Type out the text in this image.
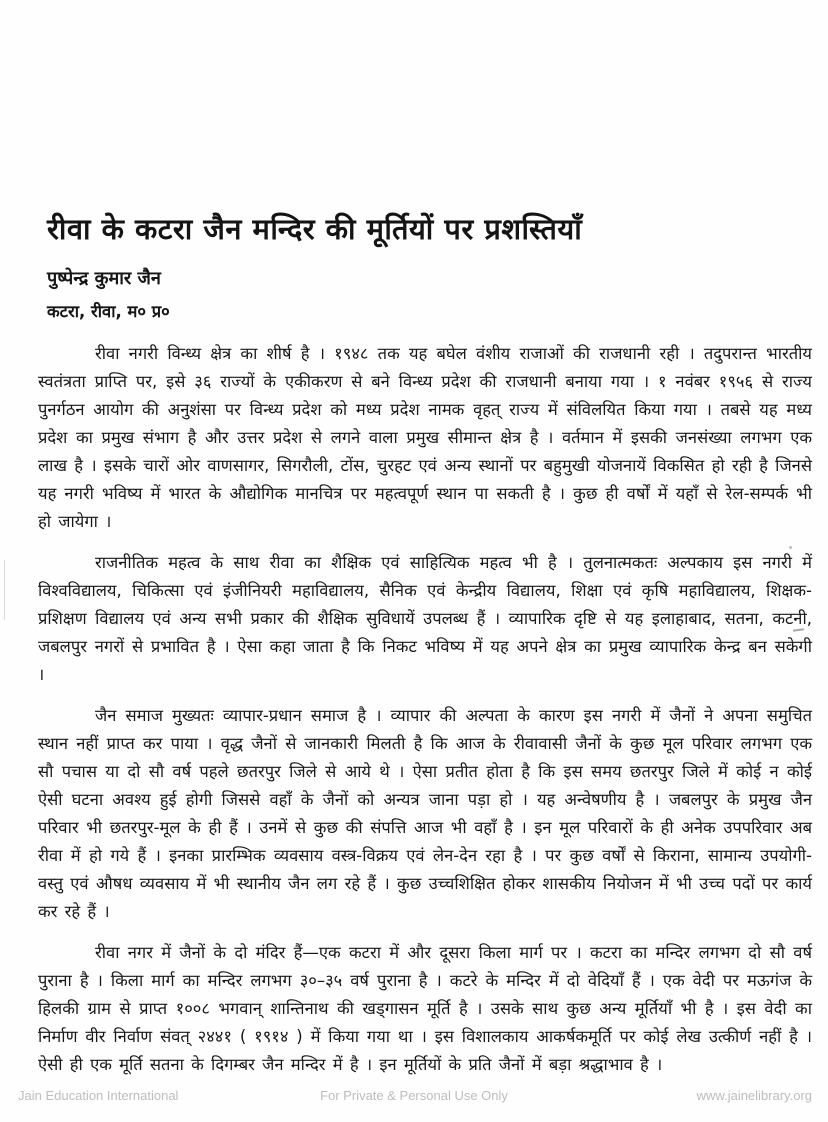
रीवा के कटरा जैन मन्दिर की मूर्तियों पर प्रशस्तियाँ
पुष्पेन्द्र कुमार जैन
कटरा, रीवा, म० प्र०

रीवा नगरी विन्ध्य क्षेत्र का शीर्ष है । १९४८ तक यह बघेल वंशीय राजाओं की राजधानी रही । तदुपरान्त भारतीय स्वतंत्रता प्राप्ति पर, इसे ३६ राज्यों के एकीकरण से बने विन्ध्य प्रदेश की राजधानी बनाया गया । १ नवंबर १९५६ से राज्य पुनर्गठन आयोग की अनुशंसा पर विन्ध्य प्रदेश को मध्य प्रदेश नामक वृहत् राज्य में संविलयित किया गया । तबसे यह मध्य प्रदेश का प्रमुख संभाग है और उत्तर प्रदेश से लगने वाला प्रमुख सीमान्त क्षेत्र है । वर्तमान में इसकी जनसंख्या लगभग एक लाख है । इसके चारों ओर वाणसागर, सिगरौली, टोंस, चुरहट एवं अन्य स्थानों पर बहुमुखी योजनायें विकसित हो रही है जिनसे यह नगरी भविष्य में भारत के औद्योगिक मानचित्र पर महत्वपूर्ण स्थान पा सकती है । कुछ ही वर्षों में यहाँ से रेल-सम्पर्क भी हो जायेगा ।

राजनीतिक महत्व के साथ रीवा का शैक्षिक एवं साहित्यिक महत्व भी है । तुलनात्मकतः अल्पकाय इस नगरी में विश्वविद्यालय, चिकित्सा एवं इंजीनियरी महाविद्यालय, सैनिक एवं केन्द्रीय विद्यालय, शिक्षा एवं कृषि महाविद्यालय, शिक्षक-प्रशिक्षण विद्यालय एवं अन्य सभी प्रकार की शैक्षिक सुविधायें उपलब्ध हैं । व्यापारिक दृष्टि से यह इलाहाबाद, सतना, कटनी, जबलपुर नगरों से प्रभावित है । ऐसा कहा जाता है कि निकट भविष्य में यह अपने क्षेत्र का प्रमुख व्यापारिक केन्द्र बन सकेगी ।

जैन समाज मुख्यतः व्यापार-प्रधान समाज है । व्यापार की अल्पता के कारण इस नगरी में जैनों ने अपना समुचित स्थान नहीं प्राप्त कर पाया । वृद्ध जैनों से जानकारी मिलती है कि आज के रीवावासी जैनों के कुछ मूल परिवार लगभग एक सौ पचास या दो सौ वर्ष पहले छतरपुर जिले से आये थे । ऐसा प्रतीत होता है कि इस समय छतरपुर जिले में कोई न कोई ऐसी घटना अवश्य हुई होगी जिससे वहाँ के जैनों को अन्यत्र जाना पड़ा हो । यह अन्वेषणीय है । जबलपुर के प्रमुख जैन परिवार भी छतरपुर-मूल के ही हैं । उनमें से कुछ की संपत्ति आज भी वहाँ है । इन मूल परिवारों के ही अनेक उपपरिवार अब रीवा में हो गये हैं । इनका प्रारम्भिक व्यवसाय वस्त्र-विक्रय एवं लेन-देन रहा है । पर कुछ वर्षों से किराना, सामान्य उपयोगी-वस्तु एवं औषध व्यवसाय में भी स्थानीय जैन लग रहे हैं । कुछ उच्चशिक्षित होकर शासकीय नियोजन में भी उच्च पदों पर कार्य कर रहे हैं ।

रीवा नगर में जैनों के दो मंदिर हैं—एक कटरा में और दूसरा किला मार्ग पर । कटरा का मन्दिर लगभग दो सौ वर्ष पुराना है । किला मार्ग का मन्दिर लगभग ३०–३५ वर्ष पुराना है । कटरे के मन्दिर में दो वेदियाँ हैं । एक वेदी पर मऊगंज के हिलकी ग्राम से प्राप्त १००८ भगवान् शान्तिनाथ की खड्गासन मूर्ति है । उसके साथ कुछ अन्य मूर्तियाँ भी है । इस वेदी का निर्माण वीर निर्वाण संवत् २४४१ ( १९१४ ) में किया गया था । इस विशालकाय आकर्षकमूर्ति पर कोई लेख उत्कीर्ण नहीं है । ऐसी ही एक मूर्ति सतना के दिगम्बर जैन मन्दिर में है । इन मूर्तियों के प्रति जैनों में बड़ा श्रद्धाभाव है ।

Jain Education International	For Private & Personal Use Only	www.jainelibrary.org
